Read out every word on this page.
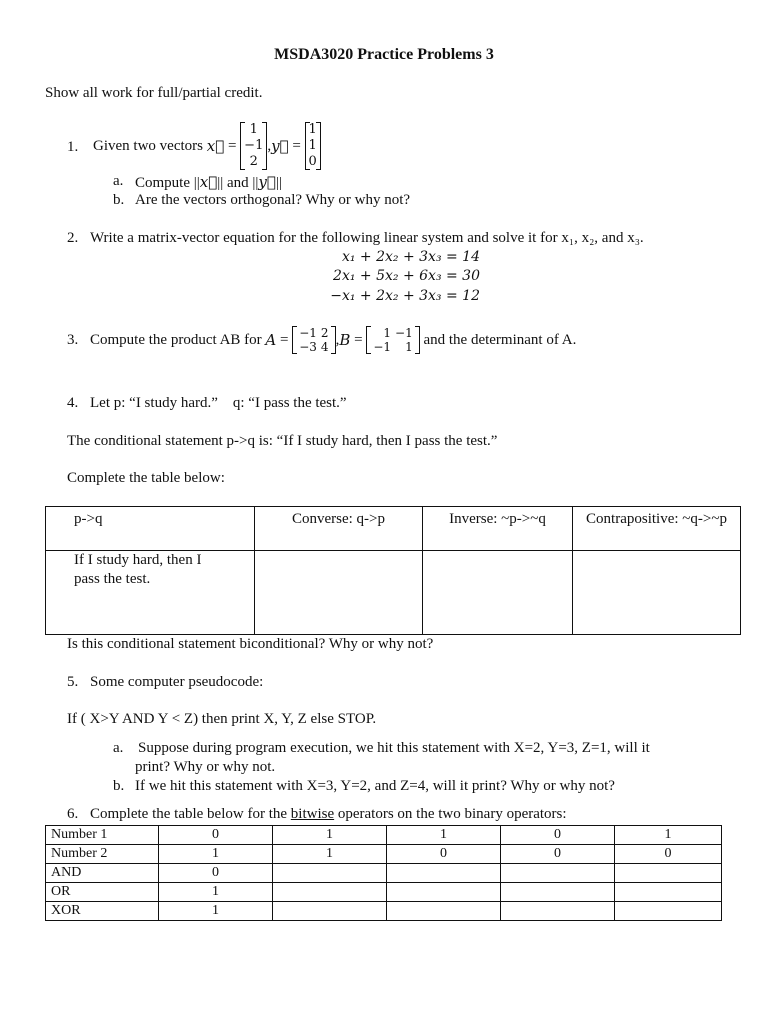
MSDA3020 Practice Problems 3
Show all work for full/partial credit.
1. Given two vectors
x⃗ =
1
−1
2
, y⃗ =
1
1
0
a. Compute ||x⃗|| and ||y⃗||
b. Are the vectors orthogonal? Why or why not?
2. Write a matrix-vector equation for the following linear system and solve it for x₁, x₂, and x₃.
x₁ + 2x₂ + 3x₃ = 14
2x₁ + 5x₂ + 6x₃ = 30
−x₁ + 2x₂ + 3x₃ = 12
3. Compute the product AB for
A = −1	2
−3	4 , B = 1	−1
−1	1
and the determinant of A.
4. Let p: “I study hard.”    q: “I pass the test.”
The conditional statement p->q is: “If I study hard, then I pass the test.”
Complete the table below:
p->q	Converse: q->p	Inverse: ~p->~q	Contrapositive: ~q->~p

If I study hard, then I pass the test.			

Is this conditional statement biconditional? Why or why not?
5. Some computer pseudocode:
If ( X>Y AND Y < Z) then print X, Y, Z else STOP.
a. Suppose during program execution, we hit this statement with X=2, Y=3, Z=1, will it
print? Why or why not.
b. If we hit this statement with X=3, Y=2, and Z=4, will it print? Why or why not?
6. Complete the table below for the bitwise operators on the two binary operators:
Number 1	0	1	1	0	1
Number 2	1	1	0	0	0
AND	0				
OR	1				
XOR	1				
